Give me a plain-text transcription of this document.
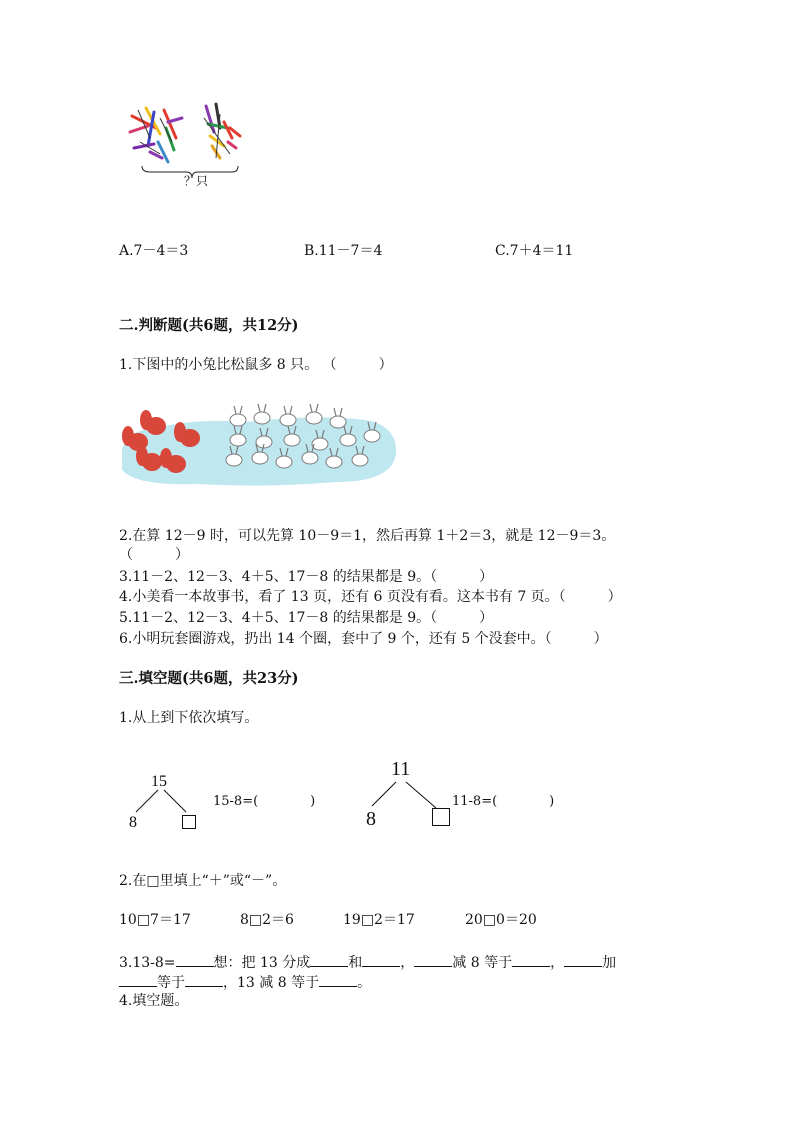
？只
A.7－4＝3	B.11－7＝4	C.7＋4＝11
二.判断题(共6题，共12分)
1.下图中的小兔比松鼠多 8 只。 （　　　）
2.在算 12－9 时，可以先算 10－9＝1，然后再算 1＋2＝3，就是 12－9＝3。
（　　　）
3.11－2、12－3、4＋5、17－8 的结果都是 9。（　　　）
4.小美看一本故事书，看了 13 页，还有 6 页没有看。这本书有 7 页。（　　　）
5.11－2、12－3、4＋5、17－8 的结果都是 9。（　　　）
6.小明玩套圈游戏，扔出 14 个圈，套中了 9 个，还有 5 个没套中。（　　　）
三.填空题(共6题，共23分)
1.从上到下依次填写。
15
8
15-8=(　　　　)
11
8
11-8=(　　　　)
2.在□里填上“＋”或“－”。
10□7＝17	8□2＝6	19□2＝17	20□0＝20
3.13-8=	想：把 13 分成	和	，	减 8 等于	，	加
等于	，13 减 8 等于	。
4.填空题。
